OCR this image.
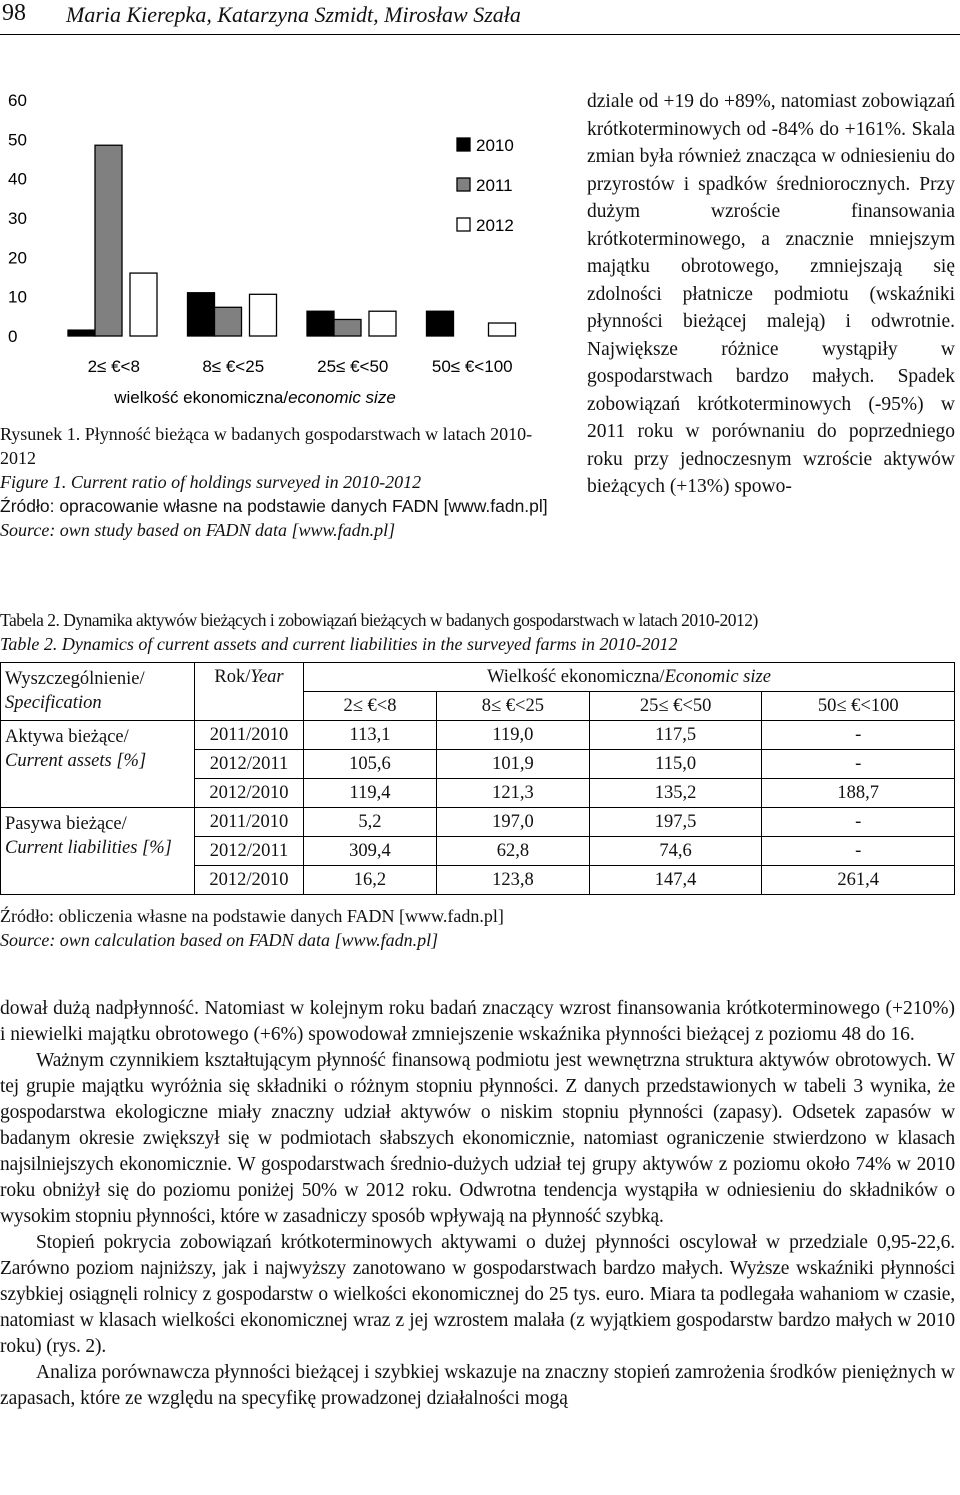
98 Maria Kierepka, Katarzyna Szmidt, Mirosław Szała
0
10
20
30
40
50
60
2≤ €<8	8≤ €<25	25≤ €<50	50≤ €<100
2010
2011
2012
wielkość ekonomiczna/economic size
Rysunek 1. Płynność bieżąca w badanych gospodarstwach w latach 2010-2012
Figure 1. Current ratio of holdings surveyed in 2010-2012
Źródło: opracowanie własne na podstawie danych FADN [www.fadn.pl]
Source: own study based on FADN data [www.fadn.pl]

dziale od +19 do +89%, natomiast zobowiązań krótkoterminowych od -84% do +161%. Skala zmian była również znacząca w odniesieniu do przyrostów i spadków średniorocznych. Przy dużym wzroście finansowania krótkoterminowego, a znacznie mniejszym majątku obrotowego, zmniejszają się zdolności płatnicze podmiotu (wskaźniki płynności bieżącej maleją) i odwrotnie. Największe różnice wystąpiły w gospodarstwach bardzo małych. Spadek zobowiązań krótkoterminowych (-95%) w 2011 roku w porównaniu do poprzedniego roku przy jednoczesnym wzroście aktywów bieżących (+13%) spowo-

Tabela 2. Dynamika aktywów bieżących i zobowiązań bieżących w badanych gospodarstwach w latach 2010-2012)
Table 2. Dynamics of current assets and current liabilities in the surveyed farms in 2010-2012
Wyszczególnienie/
Specification	Rok/Year	Wielkość ekonomiczna/Economic size			
		2≤ €<8	8≤ €<25	25≤ €<50	50≤ €<100
Aktywa bieżące/
Current assets [%]	2011/2010	113,1	119,0	117,5	-
	2012/2011	105,6	101,9	115,0	-
	2012/2010	119,4	121,3	135,2	188,7
Pasywa bieżące/
Current liabilities [%]	2011/2010	5,2	197,0	197,5	-
	2012/2011	309,4	62,8	74,6	-
	2012/2010	16,2	123,8	147,4	261,4
Źródło: obliczenia własne na podstawie danych FADN [www.fadn.pl]
Source: own calculation based on FADN data [www.fadn.pl]

dował dużą nadpłynność. Natomiast w kolejnym roku badań znaczący wzrost finansowania krótkoterminowego (+210%) i niewielki majątku obrotowego (+6%) spowodował zmniejszenie wskaźnika płynności bieżącej z poziomu 48 do 16.

Ważnym czynnikiem kształtującym płynność finansową podmiotu jest wewnętrzna struktura aktywów obrotowych. W tej grupie majątku wyróżnia się składniki o różnym stopniu płynności. Z danych przedstawionych w tabeli 3 wynika, że gospodarstwa ekologiczne miały znaczny udział aktywów o niskim stopniu płynności (zapasy). Odsetek zapasów w badanym okresie zwiększył się w podmiotach słabszych ekonomicznie, natomiast ograniczenie stwierdzono w klasach najsilniejszych ekonomicznie. W gospodarstwach średnio-dużych udział tej grupy aktywów z poziomu około 74% w 2010 roku obniżył się do poziomu poniżej 50% w 2012 roku. Odwrotna tendencja wystąpiła w odniesieniu do składników o wysokim stopniu płynności, które w zasadniczy sposób wpływają na płynność szybką.

Stopień pokrycia zobowiązań krótkoterminowych aktywami o dużej płynności oscylował w przedziale 0,95-22,6. Zarówno poziom najniższy, jak i najwyższy zanotowano w gospodarstwach bardzo małych. Wyższe wskaźniki płynności szybkiej osiągnęli rolnicy z gospodarstw o wielkości ekonomicznej do 25 tys. euro. Miara ta podlegała wahaniom w czasie, natomiast w klasach wielkości ekonomicznej wraz z jej wzrostem malała (z wyjątkiem gospodarstw bardzo małych w 2010 roku) (rys. 2).

Analiza porównawcza płynności bieżącej i szybkiej wskazuje na znaczny stopień zamrożenia środków pieniężnych w zapasach, które ze względu na specyfikę prowadzonej działalności mogą
